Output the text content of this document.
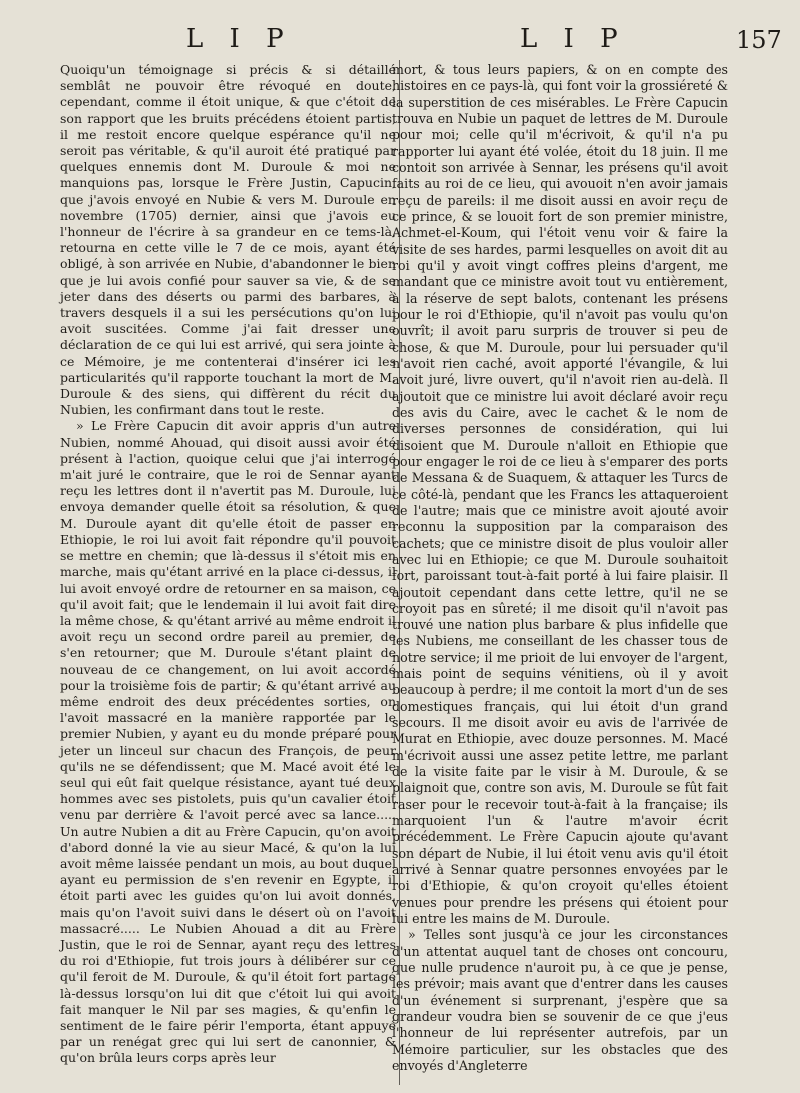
L I P	L I P	157

Quoiqu'un témoignage si précis & si détaillé semblât ne pouvoir être révoqué en doute, cependant, comme il étoit unique, & que c'étoit de son rapport que les bruits précédens étoient partis, il me restoit encore quelque espérance qu'il ne seroit pas véritable, & qu'il auroit été pratiqué par quelques ennemis dont M. Duroule & moi ne manquions pas, lorsque le Frère Justin, Capucin, que j'avois envoyé en Nubie & vers M. Duroule en novembre (1705) dernier, ainsi que j'avois eu l'honneur de l'écrire à sa grandeur en ce tems-là, retourna en cette ville le 7 de ce mois, ayant été obligé, à son arrivée en Nubie, d'abandonner le bien que je lui avois confié pour sauver sa vie, & de se jeter dans des déserts ou parmi des barbares, à travers desquels il a sui les persécutions qu'on lui avoit suscitées. Comme j'ai fait dresser une déclaration de ce qui lui est arrivé, qui sera jointe à ce Mémoire, je me contenterai d'insérer ici les particularités qu'il rapporte touchant la mort de M. Duroule & des siens, qui diffèrent du récit du Nubien, les confirmant dans tout le reste.

» Le Frère Capucin dit avoir appris d'un autre Nubien, nommé Ahouad, qui disoit aussi avoir été présent à l'action, quoique celui que j'ai interrogé m'ait juré le contraire, que le roi de Sennar ayant reçu les lettres dont il n'avertit pas M. Duroule, lui envoya demander quelle étoit sa résolution, & que M. Duroule ayant dit qu'elle étoit de passer en Ethiopie, le roi lui avoit fait répondre qu'il pouvoit se mettre en chemin; que là-dessus il s'étoit mis en marche, mais qu'étant arrivé en la place ci-dessus, il lui avoit envoyé ordre de retourner en sa maison, ce qu'il avoit fait; que le lendemain il lui avoit fait dire la même chose, & qu'étant arrivé au même endroit il avoit reçu un second ordre pareil au premier, de s'en retourner; que M. Duroule s'étant plaint de nouveau de ce changement, on lui avoit accordé pour la troisième fois de partir; & qu'étant arrivé au même endroit des deux précédentes sorties, on l'avoit massacré en la manière rapportée par le premier Nubien, y ayant eu du monde préparé pour jeter un linceul sur chacun des François, de peur qu'ils ne se défendissent; que M. Macé avoit été le seul qui eût fait quelque résistance, ayant tué deux hommes avec ses pistolets, puis qu'un cavalier étoit venu par derrière & l'avoit percé avec sa lance..... Un autre Nubien a dit au Frère Capucin, qu'on avoit d'abord donné la vie au sieur Macé, & qu'on la lui avoit même laissée pendant un mois, au bout duquel ayant eu permission de s'en revenir en Egypte, il étoit parti avec les guides qu'on lui avoit donnés, mais qu'on l'avoit suivi dans le désert où on l'avoit massacré..... Le Nubien Ahouad a dit au Frère Justin, que le roi de Sennar, ayant reçu des lettres du roi d'Ethiopie, fut trois jours à délibérer sur ce qu'il feroit de M. Duroule, & qu'il étoit fort partagé là-dessus lorsqu'on lui dit que c'étoit lui qui avoit fait manquer le Nil par ses magies, & qu'enfin le sentiment de le faire périr l'emporta, étant appuyé par un renégat grec qui lui sert de canonnier, & qu'on brûla leurs corps après leur

mort, & tous leurs papiers, & on en compte des histoires en ce pays-là, qui font voir la grossiéreté & la superstition de ces misérables. Le Frère Capucin trouva en Nubie un paquet de lettres de M. Duroule pour moi; celle qu'il m'écrivoit, & qu'il n'a pu rapporter lui ayant été volée, étoit du 18 juin. Il me contoit son arrivée à Sennar, les présens qu'il avoit faits au roi de ce lieu, qui avouoit n'en avoir jamais reçu de pareils: il me disoit aussi en avoir reçu de ce prince, & se louoit fort de son premier ministre, Achmet-el-Koum, qui l'étoit venu voir & faire la visite de ses hardes, parmi lesquelles on avoit dit au roi qu'il y avoit vingt coffres pleins d'argent, me mandant que ce ministre avoit tout vu entièrement, à la réserve de sept balots, contenant les présens pour le roi d'Ethiopie, qu'il n'avoit pas voulu qu'on ouvrît; il avoit paru surpris de trouver si peu de chose, & que M. Duroule, pour lui persuader qu'il n'avoit rien caché, avoit apporté l'évangile, & lui avoit juré, livre ouvert, qu'il n'avoit rien au-delà. Il ajoutoit que ce ministre lui avoit déclaré avoir reçu des avis du Caire, avec le cachet & le nom de diverses personnes de considération, qui lui disoient que M. Duroule n'alloit en Ethiopie que pour engager le roi de ce lieu à s'emparer des ports de Messana & de Suaquem, & attaquer les Turcs de ce côté-là, pendant que les Francs les attaqueroient de l'autre; mais que ce ministre avoit ajouté avoir reconnu la supposition par la comparaison des cachets; que ce ministre disoit de plus vouloir aller avec lui en Ethiopie; ce que M. Duroule souhaitoit fort, paroissant tout-à-fait porté à lui faire plaisir. Il ajoutoit cependant dans cette lettre, qu'il ne se croyoit pas en sûreté; il me disoit qu'il n'avoit pas trouvé une nation plus barbare & plus infidelle que les Nubiens, me conseillant de les chasser tous de notre service; il me prioit de lui envoyer de l'argent, mais point de sequins vénitiens, où il y avoit beaucoup à perdre; il me contoit la mort d'un de ses domestiques français, qui lui étoit d'un grand secours. Il me disoit avoir eu avis de l'arrivée de Murat en Ethiopie, avec douze personnes. M. Macé m'écrivoit aussi une assez petite lettre, me parlant de la visite faite par le visir à M. Duroule, & se plaignoit que, contre son avis, M. Duroule se fût fait raser pour le recevoir tout-à-fait à la française; ils marquoient l'un & l'autre m'avoir écrit précédemment. Le Frère Capucin ajoute qu'avant son départ de Nubie, il lui étoit venu avis qu'il étoit arrivé à Sennar quatre personnes envoyées par le roi d'Ethiopie, & qu'on croyoit qu'elles étoient venues pour prendre les présens qui étoient pour lui entre les mains de M. Duroule.

» Telles sont jusqu'à ce jour les circonstances d'un attentat auquel tant de choses ont concouru, que nulle prudence n'auroit pu, à ce que je pense, les prévoir; mais avant que d'entrer dans les causes d'un événement si surprenant, j'espère que sa grandeur voudra bien se souvenir de ce que j'eus l'honneur de lui représenter autrefois, par un Mémoire particulier, sur les obstacles que des envoyés d'Angleterre
